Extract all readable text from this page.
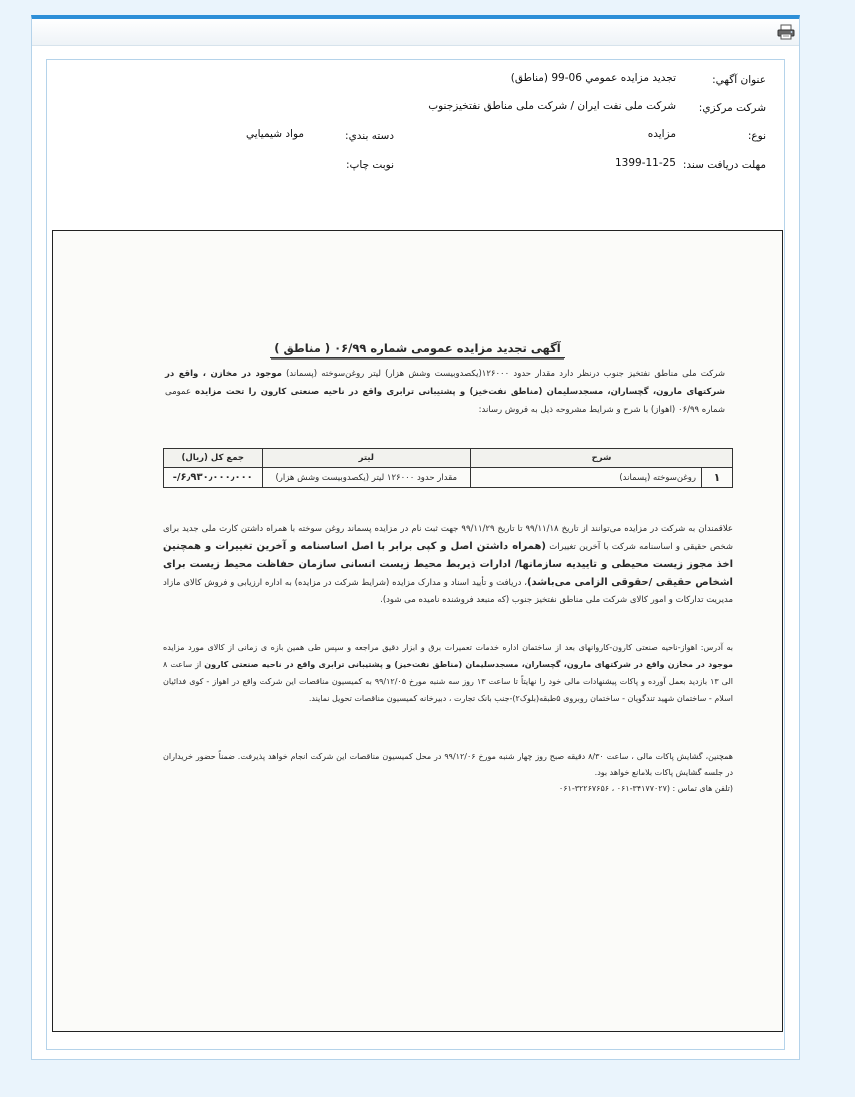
عنوان آگهي:
تجديد مزايده عمومي 06-99 (مناطق)
شركت مركزي:
شرکت ملی نفت ایران / شرکت ملی مناطق نفتخیزجنوب
نوع:
مزايده
دسته بندي:
مواد شيميايي
مهلت دريافت سند:
1399-11-25
نوبت چاپ:
آگهی تجدید مزایده عمومی شماره ۰۶/۹۹ ( مناطق )
شرکت ملی مناطق نفتخیز جنوب درنظر دارد مقدار حدود ۱۲۶۰۰۰(یکصدوبیست وشش هزار) لیتر روغن‌سوخته (پسماند) موجود در مخازن ، واقع در شرکتهای مارون، گچساران، مسجدسلیمان (مناطق نفت‌خیز) و پشتیبانی ترابری واقع در ناحیه صنعتی کارون را تحت مزایده عمومی شماره ۰۶/۹۹ (اهواز) با شرح و شرایط مشروحه ذیل به فروش رساند:
شرح		لیتر	جمع کل (ریال)
۱	روغن‌سوخته (پسماند)	مقدار حدود ۱۲۶۰۰۰ لیتر (یکصدوبیست وشش هزار)	۶٫۹۳۰٫۰۰۰٫۰۰۰/-
علاقمندان به شرکت در مزایده می‌توانند از تاریخ ۹۹/۱۱/۱۸ تا تاریخ ۹۹/۱۱/۲۹ جهت ثبت نام در مزایده پسماند روغن سوخته با همراه داشتن کارت ملی جدید برای شخص حقیقی و اساسنامه شرکت با آخرین تغییرات (همراه داشتن اصل و کپی برابر با اصل اساسنامه و آخرین تغییرات و همچنین اخذ مجوز زیست محیطی و تاییدیه سازمانها/ ادارات ذیربط محیط زیست انسانی سازمان حفاظت محیط زیست برای اشخاص حقیقی /حقوقی الزامی می‌باشد)، دریافت و تأیید اسناد و مدارک مزایده (شرایط شرکت در مزایده) به اداره ارزیابی و فروش کالای مازاد مدیریت تدارکات و امور کالای شرکت ملی مناطق نفتخیز جنوب (که منبعد فروشنده نامیده می شود).
به آدرس: اهواز-ناحیه صنعتی کارون-کاروانهای بعد از ساختمان اداره خدمات تعمیرات برق و ابزار دقیق مراجعه و سپس طی همین بازه ی زمانی از کالای مورد مزایده موجود در مخازن واقع در شرکتهای مارون، گچساران، مسجدسلیمان (مناطق نفت‌خیز) و پشتیبانی ترابری واقع در ناحیه صنعتی کارون از ساعت ۸ الی ۱۳ بازدید بعمل آورده و پاکات پیشنهادات مالی خود را نهایتاً تا ساعت ۱۳ روز سه شنبه مورخ ۹۹/۱۲/۰۵ به کمیسیون مناقصات این شرکت واقع در اهواز - کوی فدائیان اسلام - ساختمان شهید تندگویان - ساختمان روبروی ۵طبقه(بلوک۲)-جنب بانک تجارت ، دبیرخانه کمیسیون مناقصات تحویل نمایند.
همچنین، گشایش پاکات مالی ، ساعت ۸/۳۰ دقیقه صبح روز چهار شنبه مورخ ۹۹/۱۲/۰۶ در محل کمیسیون مناقصات این شرکت انجام خواهد پذیرفت. ضمناً حضور خریداران در جلسه گشایش پاکات بلامانع خواهد بود.
(تلفن های تماس : ۰۶۱-۳۲۲۶۷۶۵۶ ، ۰۶۱-۳۴۱۷۷۰۲۷)
